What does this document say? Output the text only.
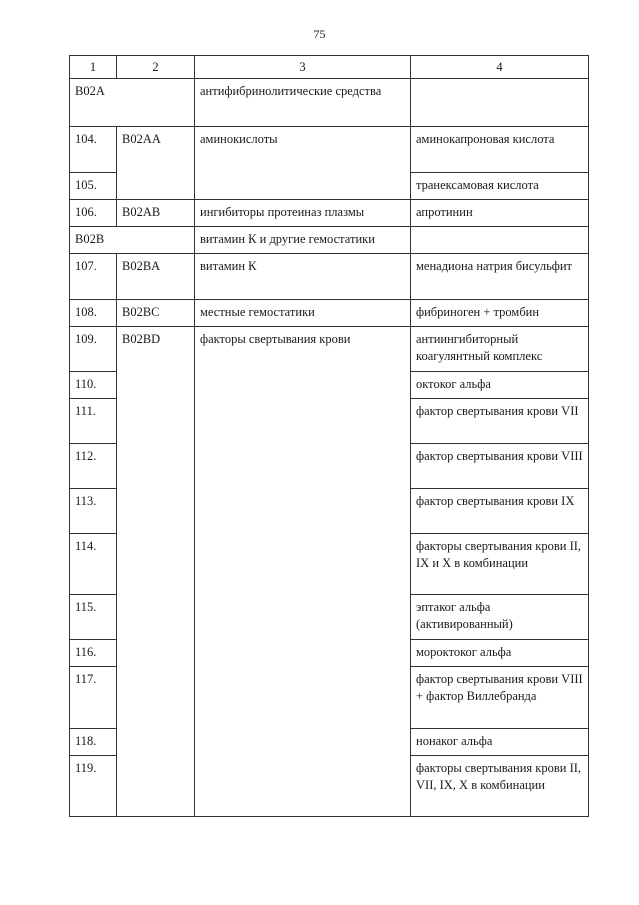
75
1	2	3	4
B02A		антифибринолитические средства	
104.	B02AA	аминокислоты	аминокапроновая кислота
105.			транексамовая кислота
106.	B02AB	ингибиторы протеиназ плазмы	апротинин
B02B		витамин К и другие гемостатики	
107.	B02BA	витамин К	менадиона натрия бисульфит
108.	B02BC	местные гемостатики	фибриноген + тромбин
109.	B02BD	факторы свертывания крови	антиингибиторный коагулянтный комплекс
110.			октоког альфа
111.			фактор свертывания крови VII
112.			фактор свертывания крови VIII
113.			фактор свертывания крови IX
114.			факторы свертывания крови II, IX и X в комбинации
115.			эптаког альфа (активированный)
116.			мороктоког альфа
117.			фактор свертывания крови VIII + фактор Виллебранда
118.			нонаког альфа
119.			факторы свертывания крови II, VII, IX, X в комбинации
